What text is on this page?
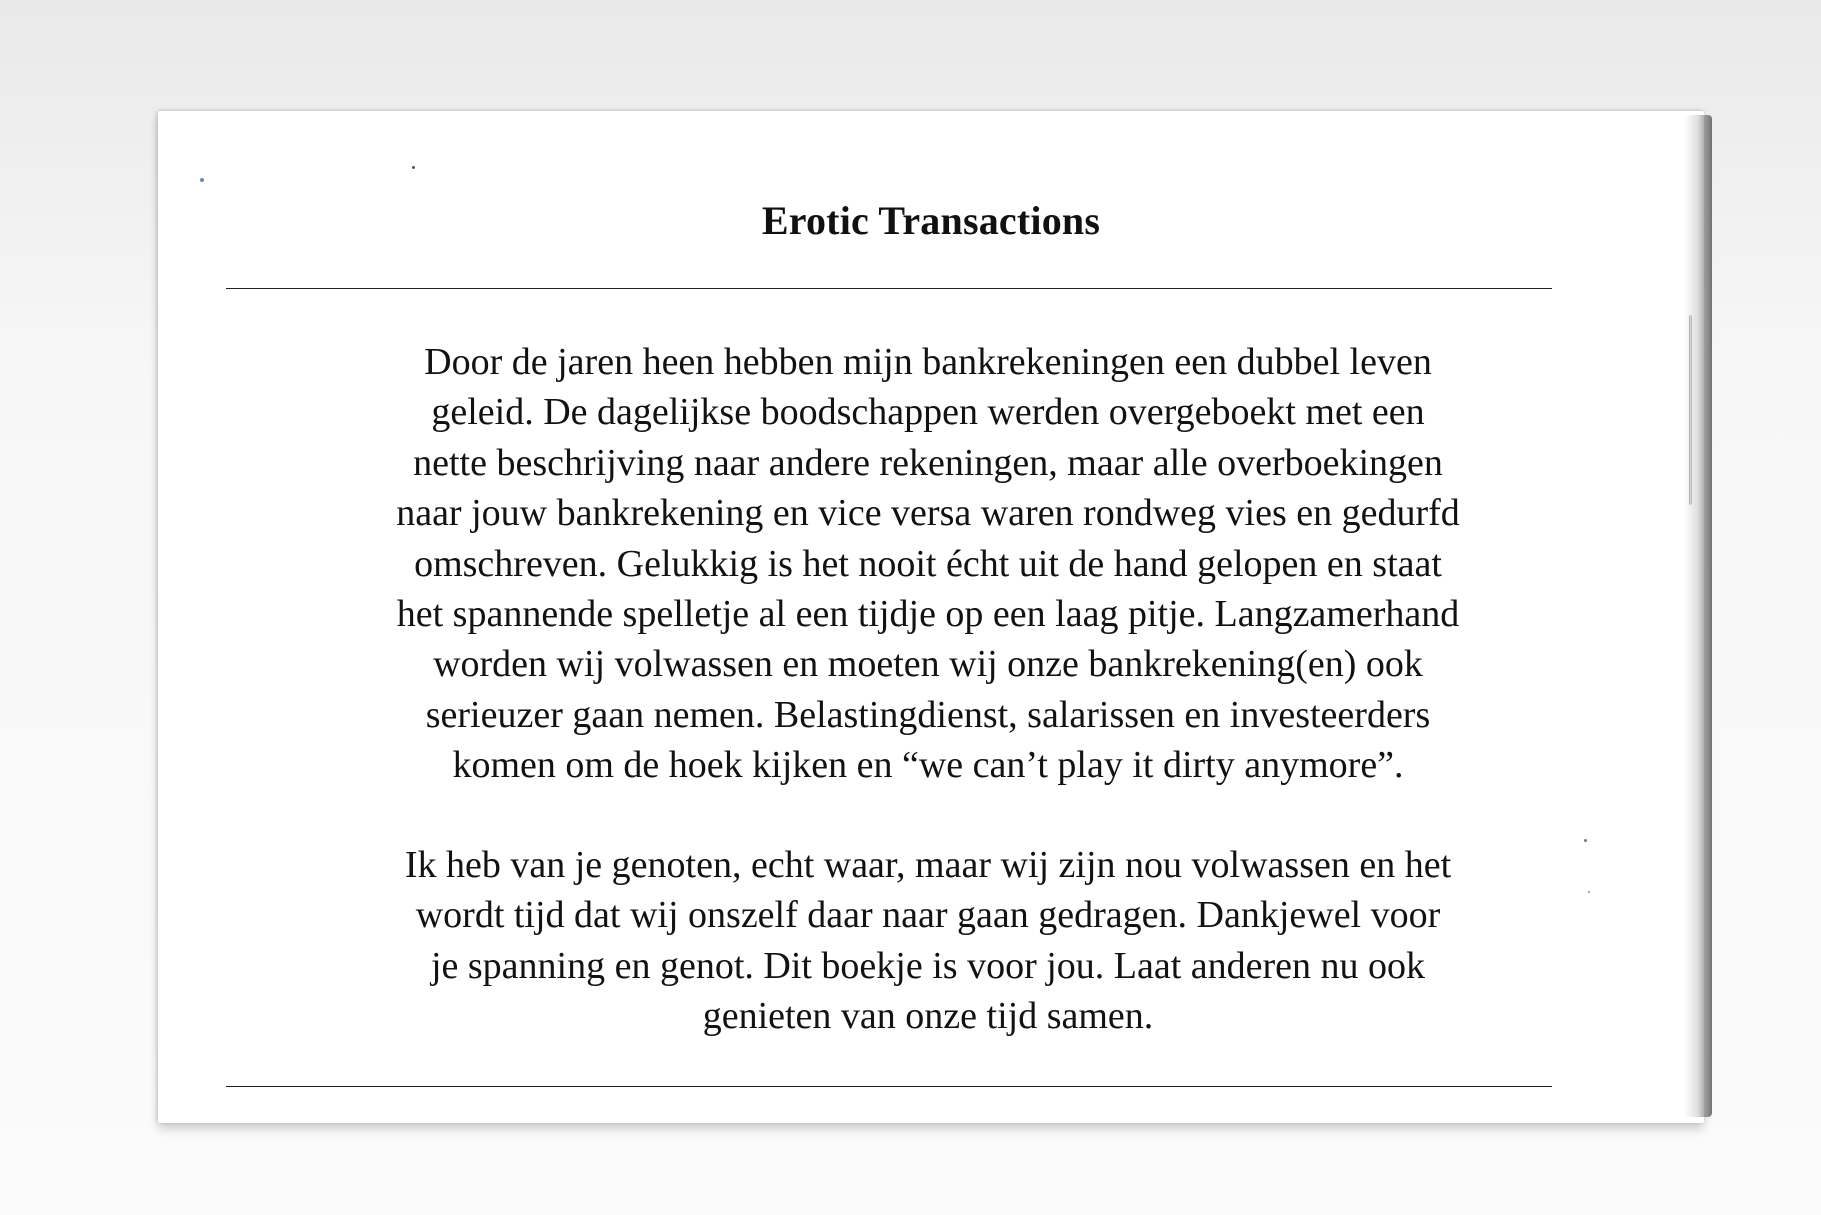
Erotic Transactions
Door de jaren heen hebben mijn bankrekeningen een dubbel leven
geleid. De dagelijkse boodschappen werden overgeboekt met een
nette beschrijving naar andere rekeningen, maar alle overboekingen
naar jouw bankrekening en vice versa waren rondweg vies en gedurfd
omschreven. Gelukkig is het nooit écht uit de hand gelopen en staat
het spannende spelletje al een tijdje op een laag pitje. Langzamerhand
worden wij volwassen en moeten wij onze bankrekening(en) ook
serieuzer gaan nemen. Belastingdienst, salarissen en investeerders
komen om de hoek kijken en “we can’t play it dirty anymore”.
Ik heb van je genoten, echt waar, maar wij zijn nou volwassen en het
wordt tijd dat wij onszelf daar naar gaan gedragen. Dankjewel voor
je spanning en genot. Dit boekje is voor jou. Laat anderen nu ook
genieten van onze tijd samen.
